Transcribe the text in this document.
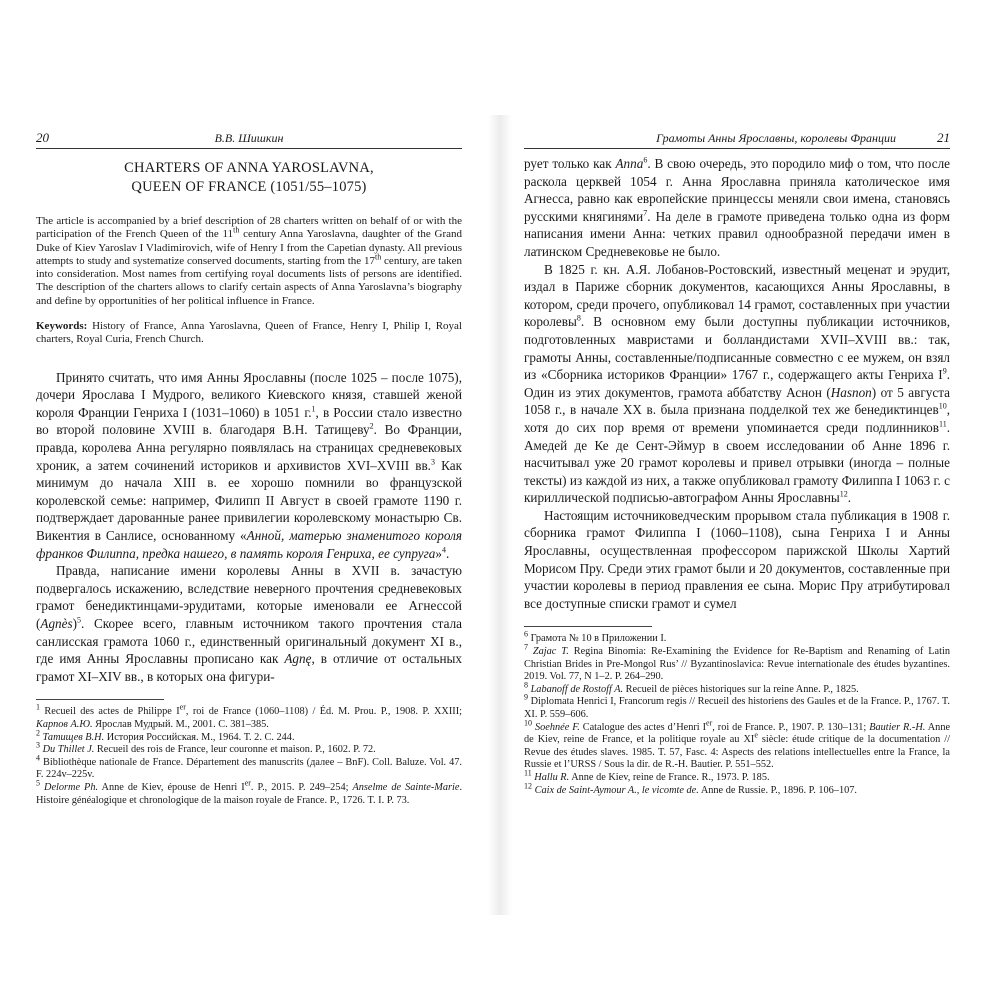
20	В.В. Шишкин
CHARTERS OF ANNA YAROSLAVNA,
QUEEN OF FRANCE (1051/55–1075)

The article is accompanied by a brief description of 28 charters written on behalf of or with the participation of the French Queen of the 11th century Anna Yaroslavna, daughter of the Grand Duke of Kiev Yaroslav I Vladimirovich, wife of Henry I from the Capetian dynasty. All previous attempts to study and systematize conserved documents, starting from the 17th century, are taken into consideration. Most names from certifying royal documents lists of persons are identified. The description of the charters allows to clarify certain aspects of Anna Yaroslavna’s biography and define by opportunities of her political influence in France.

Keywords: History of France, Anna Yaroslavna, Queen of France, Henry I, Philip I, Royal charters, Royal Curia, French Church.

Принято считать, что имя Анны Ярославны (после 1025 – после 1075), дочери Ярослава I Мудрого, великого Киевского князя, ставшей женой короля Франции Генриха I (1031–1060) в 1051 г.$^1$, в России стало известно во второй половине XVIII в. благодаря В.Н. Татищеву$^2$. Во Франции, правда, королева Анна регулярно появлялась на страницах средневековых хроник, а затем сочинений историков и архивистов XVI–XVIII вв.$^3$ Как минимум до начала XIII в. ее хорошо помнили во французской королевской семье: например, Филипп II Август в своей грамоте 1190 г. подтверждает дарованные ранее привилегии королевскому монастырю Св. Викентия в Санлисе, основанному «Анной, матерью знаменитого короля франков Филиппа, предка нашего, в память короля Генриха, ее супруга»$^4$.

Правда, написание имени королевы Анны в XVII в. зачастую подвергалось искажению, вследствие неверного прочтения средневековых грамот бенедиктинцами-эрудитами, которые именовали ее Агнессой (Agnès)$^5$. Скорее всего, главным источником такого прочтения стала санлисская грамота 1060 г., единственный оригинальный документ XI в., где имя Анны Ярославны прописано как Agnę, в отличие от остальных грамот XI–XIV вв., в которых она фигури-

$^1$ Recueil des actes de Philippe Ier, roi de France (1060–1108) / Éd. M. Prou. P., 1908. P. XXIII; Карпов А.Ю. Ярослав Мудрый. М., 2001. С. 381–385.

$^2$ Татищев В.Н. История Российская. М., 1964. Т. 2. С. 244.

$^3$ Du Thillet J. Recueil des rois de France, leur couronne et maison. P., 1602. P. 72.

$^4$ Bibliothèque nationale de France. Département des manuscrits (далее – BnF). Coll. Baluze. Vol. 47. F. 224v–225v.

$^5$ Delorme Ph. Anne de Kiev, épouse de Henri Ier. P., 2015. P. 249–254; Anselme de Sainte-Marie. Histoire généalogique et chronologique de la maison royale de France. P., 1726. T. I. P. 73.

Грамоты Анны Ярославны, королевы Франции	21

рует только как Anna$^6$. В свою очередь, это породило миф о том, что после раскола церквей 1054 г. Анна Ярославна приняла католическое имя Агнесса, равно как европейские принцессы меняли свои имена, становясь русскими княгинями$^7$. На деле в грамоте приведена только одна из форм написания имени Анна: четких правил однообразной передачи имен в латинском Средневековье не было.

В 1825 г. кн. А.Я. Лобанов-Ростовский, известный меценат и эрудит, издал в Париже сборник документов, касающихся Анны Ярославны, в котором, среди прочего, опубликовал 14 грамот, составленных при участии королевы$^8$. В основном ему были доступны публикации источников, подготовленных мавристами и болландистами XVII–XVIII вв.: так, грамоты Анны, составленные/подписанные совместно с ее мужем, он взял из «Сборника историков Франции» 1767 г., содержащего акты Генриха $I^9$. Один из этих документов, грамота аббатству Аснон (Hasnon) от 5 августа 1058 г., в начале XX в. была признана подделкой тех же бенедиктинцев$^{10}$, хотя до сих пор время от времени упоминается среди подлинников$^{11}$. Амедей де Ке де Сент-Эймур в своем исследовании об Анне 1896 г. насчитывал уже 20 грамот королевы и привел отрывки (иногда – полные тексты) из каждой из них, а также опубликовал грамоту Филиппа I 1063 г. с кириллической подписью-автографом Анны Ярославны$^{12}$.

Настоящим источниковедческим прорывом стала публикация в 1908 г. сборника грамот Филиппа I (1060–1108), сына Генриха I и Анны Ярославны, осуществленная профессором парижской Школы Хартий Морисом Пру. Среди этих грамот были и 20 документов, составленные при участии королевы в период правления ее сына. Морис Пру атрибутировал все доступные списки грамот и сумел

$^6$ Грамота № 10 в Приложении I.

$^7$ Zajac T. Regina Binomia: Re-Examining the Evidence for Re-Baptism and Renaming of Latin Christian Brides in Pre-Mongol Rus’ // Byzantinoslavica: Revue internationale des études byzantines. 2019. Vol. 77, N 1–2. P. 264–290.

$^8$ Labanoff de Rostoff A. Recueil de pièces historiques sur la reine Anne. P., 1825.

$^9$ Diplomata Henrici I, Francorum regis // Recueil des historiens des Gaules et de la France. P., 1767. T. XI. P. 559–606.

$^{10}$ Soehnée F. Catalogue des actes d’Henri Ier, roi de France. P., 1907. P. 130–131; Bautier R.-H. Anne de Kiev, reine de France, et la politique royale au XIe siècle: étude critique de la documentation // Revue des études slaves. 1985. T. 57, Fasc. 4: Aspects des relations intellectuelles entre la France, la Russie et l’URSS / Sous la dir. de R.-H. Bautier. P. 551–552.

$^{11}$ Hallu R. Anne de Kiev, reine de France. R., 1973. P. 185.

$^{12}$ Caix de Saint-Aymour A., le vicomte de. Anne de Russie. P., 1896. P. 106–107.
